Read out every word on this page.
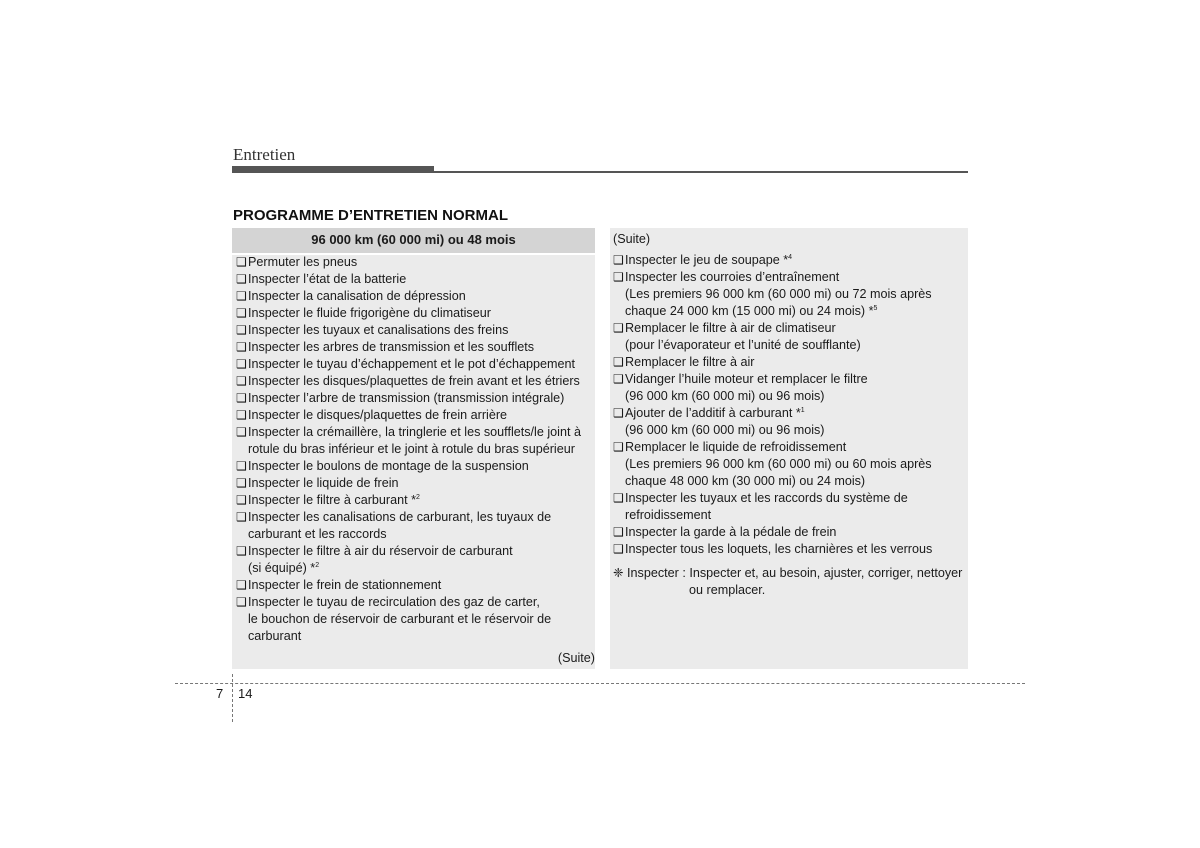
Entretien
PROGRAMME D’ENTRETIEN NORMAL
96 000 km (60 000 mi) ou 48 mois
❑ Permuter les pneus
❑ Inspecter l’état de la batterie
❑ Inspecter la canalisation de dépression
❑ Inspecter le fluide frigorigène du climatiseur
❑ Inspecter les tuyaux et canalisations des freins
❑ Inspecter les arbres de transmission et les soufflets
❑ Inspecter le tuyau d’échappement et le pot d’échappement
❑ Inspecter les disques/plaquettes de frein avant et les étriers
❑ Inspecter l’arbre de transmission (transmission intégrale)
❑ Inspecter le disques/plaquettes de frein arrière
❑ Inspecter la crémaillère, la tringlerie et les soufflets/le joint à
rotule du bras inférieur et le joint à rotule du bras supérieur
❑ Inspecter le boulons de montage de la suspension
❑ Inspecter le liquide de frein
❑ Inspecter le filtre à carburant *$^2$
❑ Inspecter les canalisations de carburant, les tuyaux de
carburant et les raccords
❑ Inspecter le filtre à air du réservoir de carburant
(si équipé) *$^2$
❑ Inspecter le frein de stationnement
❑ Inspecter le tuyau de recirculation des gaz de carter,
le bouchon de réservoir de carburant et le réservoir de
carburant
(Suite)
(Suite)
❑ Inspecter le jeu de soupape *$^4$
❑ Inspecter les courroies d’entraînement
(Les premiers 96 000 km (60 000 mi) ou 72 mois après
chaque 24 000 km (15 000 mi) ou 24 mois) *$^5$
❑ Remplacer le filtre à air de climatiseur
(pour l’évaporateur et l’unité de soufflante)
❑ Remplacer le filtre à air
❑ Vidanger l’huile moteur et remplacer le filtre
(96 000 km (60 000 mi) ou 96 mois)
❑ Ajouter de l’additif à carburant *$^1$
(96 000 km (60 000 mi) ou 96 mois)
❑ Remplacer le liquide de refroidissement
(Les premiers 96 000 km (60 000 mi) ou 60 mois après
chaque 48 000 km (30 000 mi) ou 24 mois)
❑ Inspecter les tuyaux et les raccords du système de
refroidissement
❑ Inspecter la garde à la pédale de frein
❑ Inspecter tous les loquets, les charnières et les verrous
❈ Inspecter : Inspecter et, au besoin, ajuster, corriger, nettoyer
ou remplacer.
7 14
